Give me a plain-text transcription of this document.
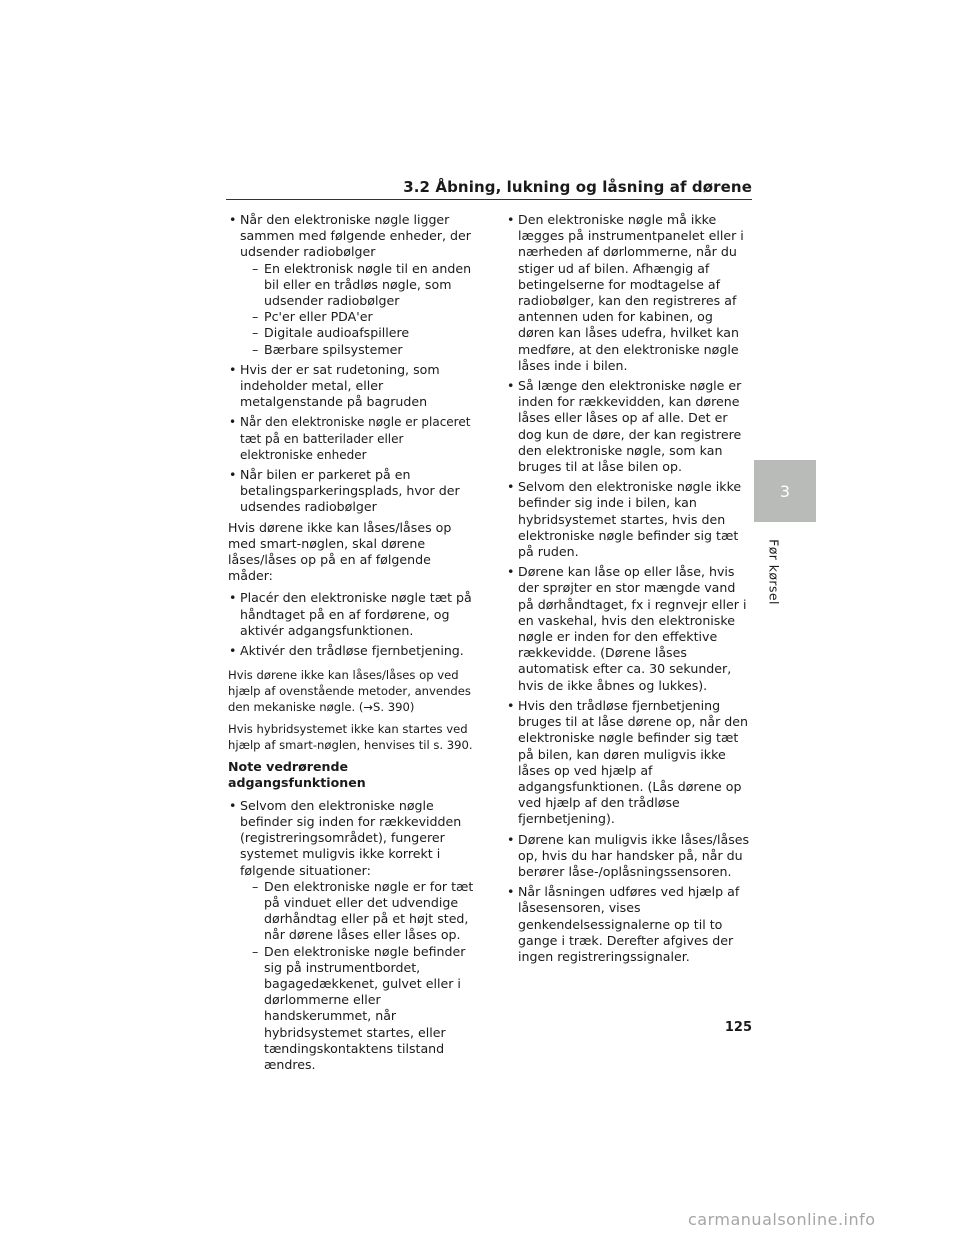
3.2 Åbning, lukning og låsning af dørene
• Når den elektroniske nøgle ligger sammen med følgende enheder, der udsender radiobølger
– En elektronisk nøgle til en anden bil eller en trådløs nøgle, som udsender radiobølger
– Pc'er eller PDA'er
– Digitale audioafspillere
– Bærbare spilsystemer
• Hvis der er sat rudetoning, som indeholder metal, eller metalgenstande på bagruden
• Når den elektroniske nøgle er placeret tæt på en batterilader eller elektroniske enheder
• Når bilen er parkeret på en betalingsparkeringsplads, hvor der udsendes radiobølger
Hvis dørene ikke kan låses/låses op med smart-nøglen, skal dørene låses/låses op på en af følgende måder:
• Placér den elektroniske nøgle tæt på håndtaget på en af fordørene, og aktivér adgangsfunktionen.
• Aktivér den trådløse fjernbetjening.
Hvis dørene ikke kan låses/låses op ved hjælp af ovenstående metoder, anvendes den mekaniske nøgle. (→S. 390)
Hvis hybridsystemet ikke kan startes ved hjælp af smart-nøglen, henvises til s. 390.
Note vedrørende adgangsfunktionen
• Selvom den elektroniske nøgle befinder sig inden for rækkevidden (registreringsområdet), fungerer systemet muligvis ikke korrekt i følgende situationer:
– Den elektroniske nøgle er for tæt på vinduet eller det udvendige dørhåndtag eller på et højt sted, når dørene låses eller låses op.
– Den elektroniske nøgle befinder sig på instrumentbordet, bagagedækkenet, gulvet eller i dørlommerne eller handskerummet, når hybridsystemet startes, eller tændingskontaktens tilstand ændres.
• Den elektroniske nøgle må ikke lægges på instrumentpanelet eller i nærheden af dørlommerne, når du stiger ud af bilen. Afhængig af betingelserne for modtagelse af radiobølger, kan den registreres af antennen uden for kabinen, og døren kan låses udefra, hvilket kan medføre, at den elektroniske nøgle låses inde i bilen.
• Så længe den elektroniske nøgle er inden for rækkevidden, kan dørene låses eller låses op af alle. Det er dog kun de døre, der kan registrere den elektroniske nøgle, som kan bruges til at låse bilen op.
• Selvom den elektroniske nøgle ikke befinder sig inde i bilen, kan hybridsystemet startes, hvis den elektroniske nøgle befinder sig tæt på ruden.
• Dørene kan låse op eller låse, hvis der sprøjter en stor mængde vand på dørhåndtaget, fx i regnvejr eller i en vaskehal, hvis den elektroniske nøgle er inden for den effektive rækkevidde. (Dørene låses automatisk efter ca. 30 sekunder, hvis de ikke åbnes og lukkes).
• Hvis den trådløse fjernbetjening bruges til at låse dørene op, når den elektroniske nøgle befinder sig tæt på bilen, kan døren muligvis ikke låses op ved hjælp af adgangsfunktionen. (Lås dørene op ved hjælp af den trådløse fjernbetjening).
• Dørene kan muligvis ikke låses/låses op, hvis du har handsker på, når du berører låse-/oplåsningssensoren.
• Når låsningen udføres ved hjælp af låsesensoren, vises genkendelsessignalerne op til to gange i træk. Derefter afgives der ingen registreringssignaler.
3
Før kørsel
125
carmanualsonline.info
